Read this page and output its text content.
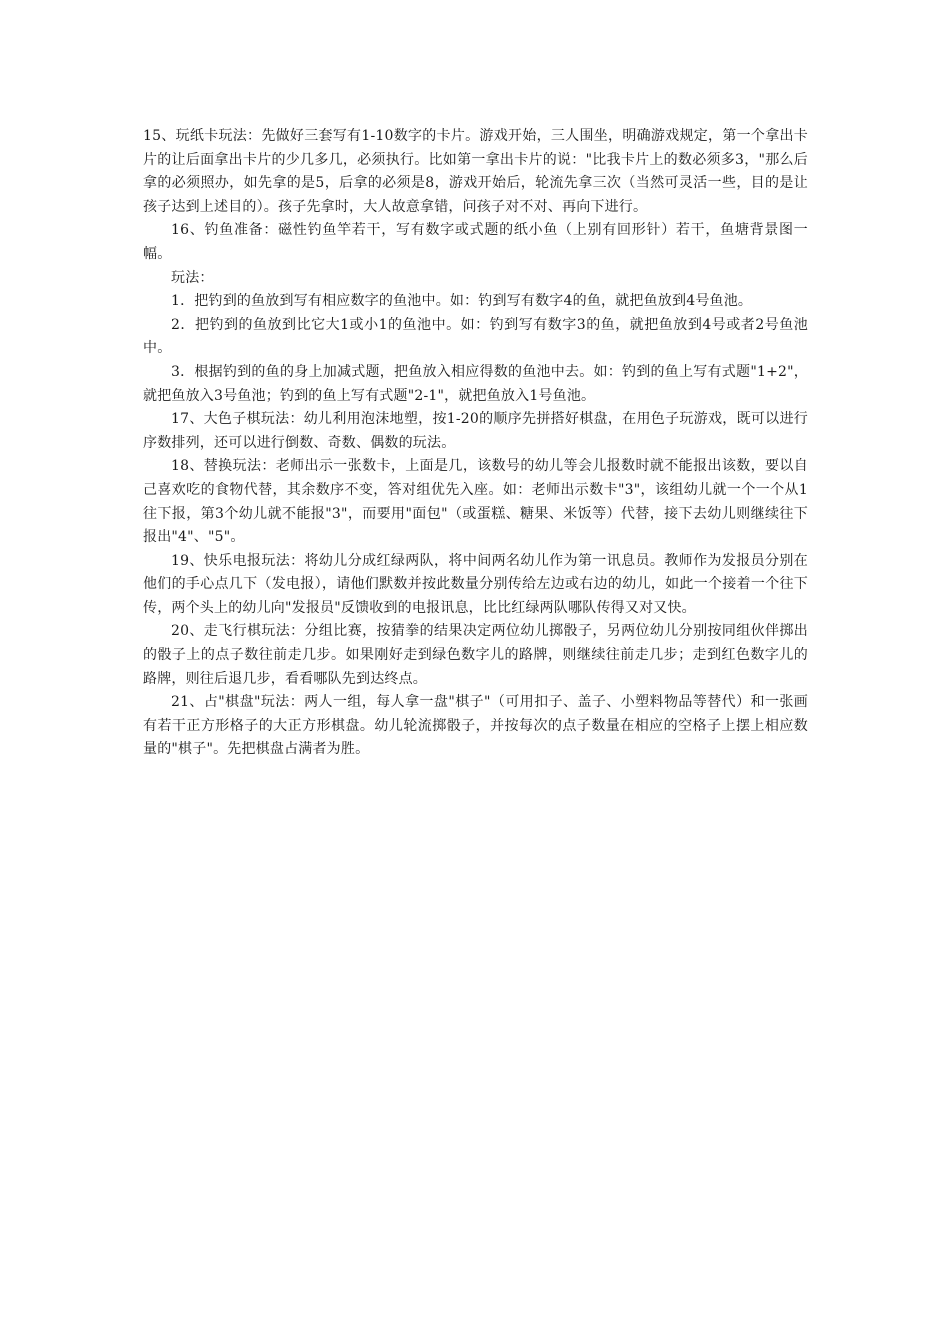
15、玩纸卡玩法：先做好三套写有1-10数字的卡片。游戏开始，三人围坐，明确游戏规定，第一个拿出卡片的让后面拿出卡片的少几多几，必须执行。比如第一拿出卡片的说："比我卡片上的数必须多3，"那么后拿的必须照办，如先拿的是5，后拿的必须是8，游戏开始后，轮流先拿三次（当然可灵活一些，目的是让孩子达到上述目的）。孩子先拿时，大人故意拿错，问孩子对不对、再向下进行。

16、钓鱼准备：磁性钓鱼竿若干，写有数字或式题的纸小鱼（上别有回形针）若干，鱼塘背景图一幅。

玩法：

1．把钓到的鱼放到写有相应数字的鱼池中。如：钓到写有数字4的鱼，就把鱼放到4号鱼池。

2．把钓到的鱼放到比它大1或小1的鱼池中。如：钓到写有数字3的鱼，就把鱼放到4号或者2号鱼池中。

3．根据钓到的鱼的身上加减式题，把鱼放入相应得数的鱼池中去。如：钓到的鱼上写有式题"1+2"，就把鱼放入3号鱼池；钓到的鱼上写有式题"2-1"，就把鱼放入1号鱼池。

17、大色子棋玩法：幼儿利用泡沫地塑，按1-20的顺序先拼搭好棋盘，在用色子玩游戏，既可以进行序数排列，还可以进行倒数、奇数、偶数的玩法。

18、替换玩法：老师出示一张数卡，上面是几，该数号的幼儿等会儿报数时就不能报出该数，要以自己喜欢吃的食物代替，其余数序不变，答对组优先入座。如：老师出示数卡"3"，该组幼儿就一个一个从1往下报，第3个幼儿就不能报"3"，而要用"面包"（或蛋糕、糖果、米饭等）代替，接下去幼儿则继续往下报出"4"、"5"。

19、快乐电报玩法：将幼儿分成红绿两队，将中间两名幼儿作为第一讯息员。教师作为发报员分别在他们的手心点几下（发电报），请他们默数并按此数量分别传给左边或右边的幼儿，如此一个接着一个往下传，两个头上的幼儿向"发报员"反馈收到的电报讯息，比比红绿两队哪队传得又对又快。

20、走飞行棋玩法：分组比赛，按猜拳的结果决定两位幼儿掷骰子，另两位幼儿分别按同组伙伴掷出的骰子上的点子数往前走几步。如果刚好走到绿色数字儿的路牌，则继续往前走几步；走到红色数字儿的路牌，则往后退几步，看看哪队先到达终点。

21、占"棋盘"玩法：两人一组，每人拿一盘"棋子"（可用扣子、盖子、小塑料物品等替代）和一张画有若干正方形格子的大正方形棋盘。幼儿轮流掷骰子，并按每次的点子数量在相应的空格子上摆上相应数量的"棋子"。先把棋盘占满者为胜。
